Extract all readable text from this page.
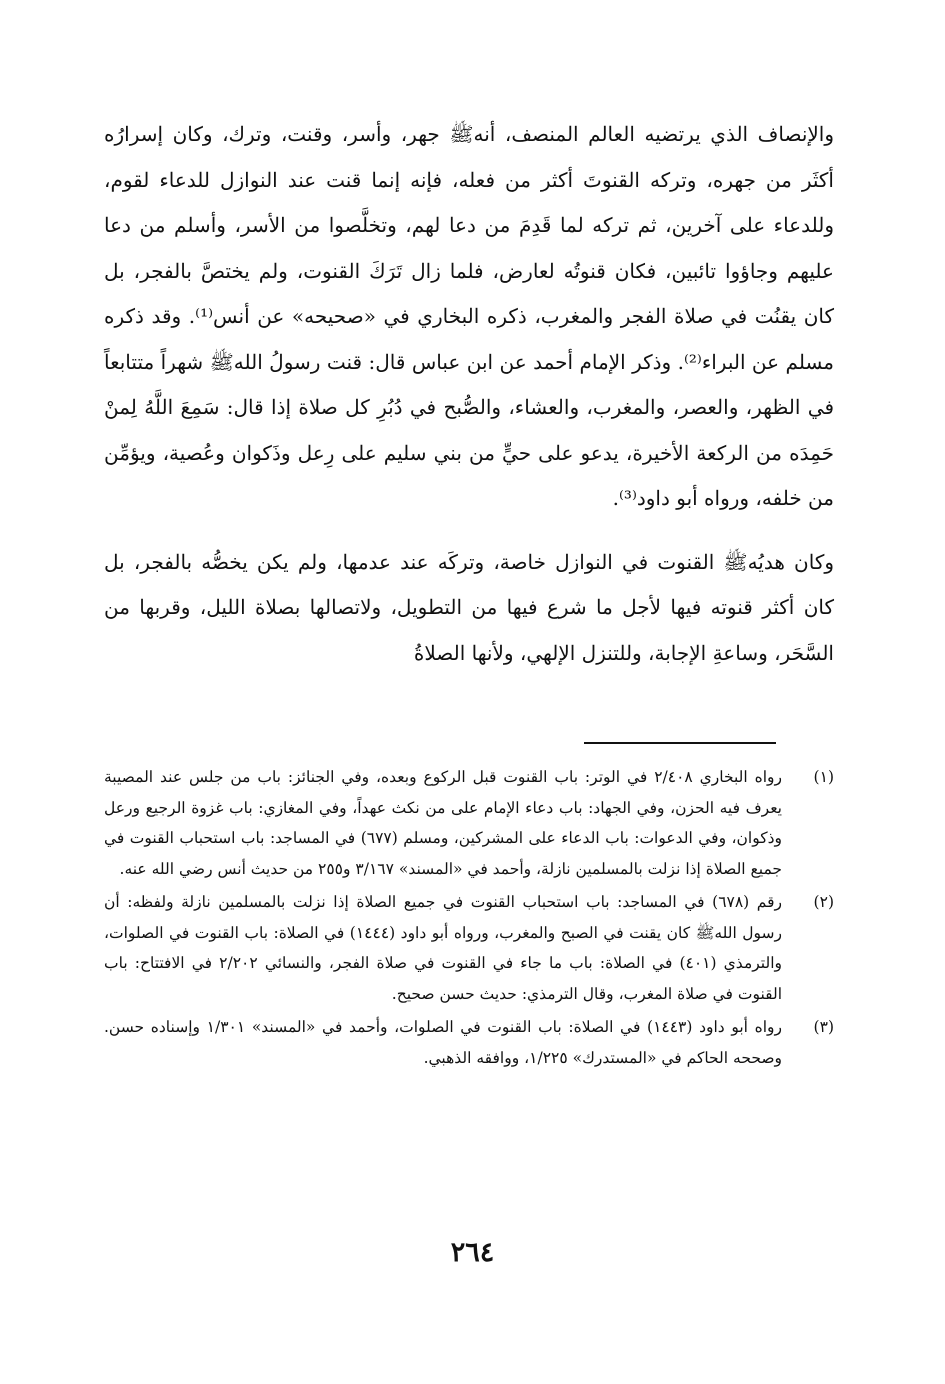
والإنصاف الذي يرتضيه العالم المنصف، أنهﷺ جهر، وأسر، وقنت، وترك، وكان إسرارُه أكثَر من جهره، وتركه القنوتَ أكثر من فعله، فإنه إنما قنت عند النوازل للدعاء لقوم، وللدعاء على آخرين، ثم تركه لما قَدِمَ من دعا لهم، وتخلَّصوا من الأسر، وأسلم من دعا عليهم وجاؤوا تائبين، فكان قنوتُه لعارض، فلما زال تَرَكَ القنوت، ولم يختصَّ بالفجر، بل كان يقنُت في صلاة الفجر والمغرب، ذكره البخاري في «صحيحه» عن أنس⁽¹⁾. وقد ذكره مسلم عن البراء⁽²⁾. وذكر الإمام أحمد عن ابن عباس قال: قنت رسولُ اللهﷺ شهراً متتابعاً في الظهر، والعصر، والمغرب، والعشاء، والصُّبح في دُبُرِ كل صلاة إذا قال: سَمِعَ اللَّهُ لِمنْ حَمِدَه من الركعة الأخيرة، يدعو على حيٍّ من بني سليم على رِعل وذَكوان وعُصية، ويؤمِّن من خلفه، ورواه أبو داود⁽³⁾.

وكان هديُهﷺ القنوت في النوازل خاصة، وتركَه عند عدمها، ولم يكن يخصُّه بالفجر، بل كان أكثر قنوته فيها لأجل ما شرع فيها من التطويل، ولاتصالها بصلاة الليل، وقربها من السَّحَر، وساعةِ الإجابة، وللتنزل الإلهي، ولأنها الصلاةُ

(١)
رواه البخاري ٢/٤٠٨ في الوتر: باب القنوت قبل الركوع وبعده، وفي الجنائز: باب من جلس عند المصيبة يعرف فيه الحزن، وفي الجهاد: باب دعاء الإمام على من نكث عهداً، وفي المغازي: باب غزوة الرجيع ورعل وذكوان، وفي الدعوات: باب الدعاء على المشركين، ومسلم (٦٧٧) في المساجد: باب استحباب القنوت في جميع الصلاة إذا نزلت بالمسلمين نازلة، وأحمد في «المسند» ٣/١٦٧ و٢٥٥ من حديث أنس رضي الله عنه.
(٢)
رقم (٦٧٨) في المساجد: باب استحباب القنوت في جميع الصلاة إذا نزلت بالمسلمين نازلة ولفظه: أن رسول اللهﷺ كان يقنت في الصبح والمغرب، ورواه أبو داود (١٤٤٤) في الصلاة: باب القنوت في الصلوات، والترمذي (٤٠١) في الصلاة: باب ما جاء في القنوت في صلاة الفجر، والنسائي ٢/٢٠٢ في الافتتاح: باب القنوت في صلاة المغرب، وقال الترمذي: حديث حسن صحيح.
(٣)
رواه أبو داود (١٤٤٣) في الصلاة: باب القنوت في الصلوات، وأحمد في «المسند» ١/٣٠١ وإسناده حسن. وصححه الحاكم في «المستدرك» ١/٢٢٥، ووافقه الذهبي.
٢٦٤
